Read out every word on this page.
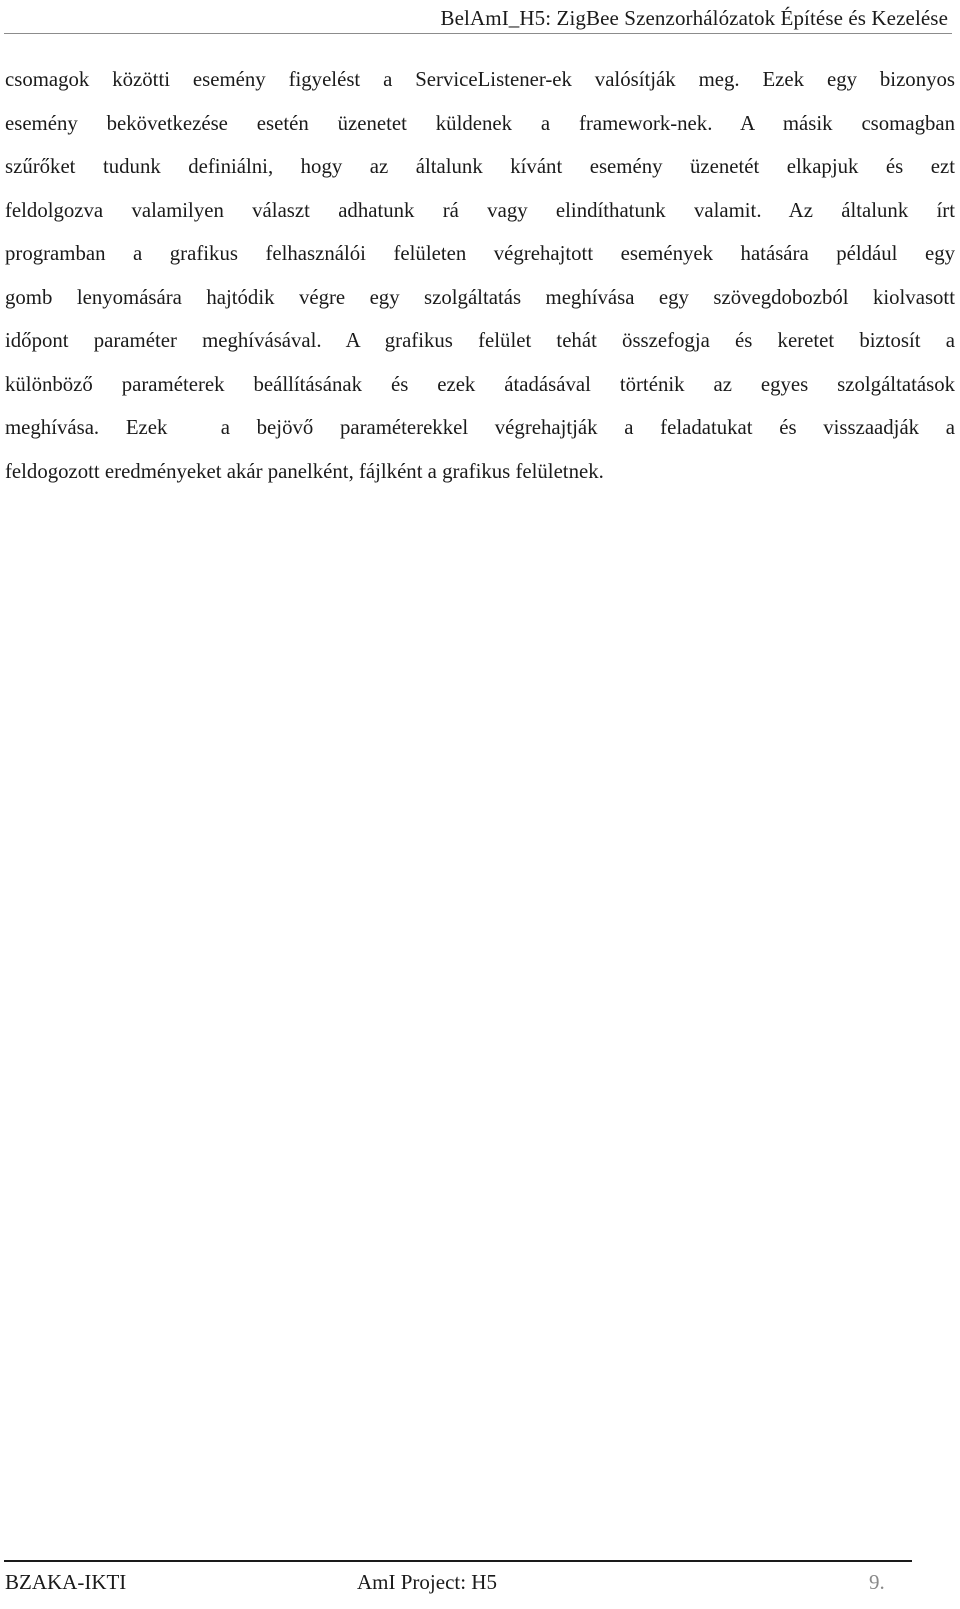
BelAmI_H5: ZigBee Szenzorhálózatok Építése és Kezelése
csomagok közötti esemény figyelést a ServiceListener-ek valósítják meg. Ezek egy bizonyos
esemény bekövetkezése esetén üzenetet küldenek a framework-nek. A másik csomagban
szűrőket tudunk definiálni, hogy az általunk kívánt esemény üzenetét elkapjuk és ezt
feldolgozva valamilyen választ adhatunk rá vagy elindíthatunk valamit. Az általunk írt
programban a grafikus felhasználói felületen végrehajtott események hatására például egy
gomb lenyomására hajtódik végre egy szolgáltatás meghívása egy szövegdobozból kiolvasott
időpont paraméter meghívásával. A grafikus felület tehát összefogja és keretet biztosít a
különböző paraméterek beállításának és ezek átadásával történik az egyes szolgáltatások
meghívása. Ezek  a bejövő paraméterekkel végrehajtják a feladatukat és visszaadják a
feldogozott eredményeket akár panelként, fájlként a grafikus felületnek.
BZAKA-IKTI	AmI Project: H5	9.
